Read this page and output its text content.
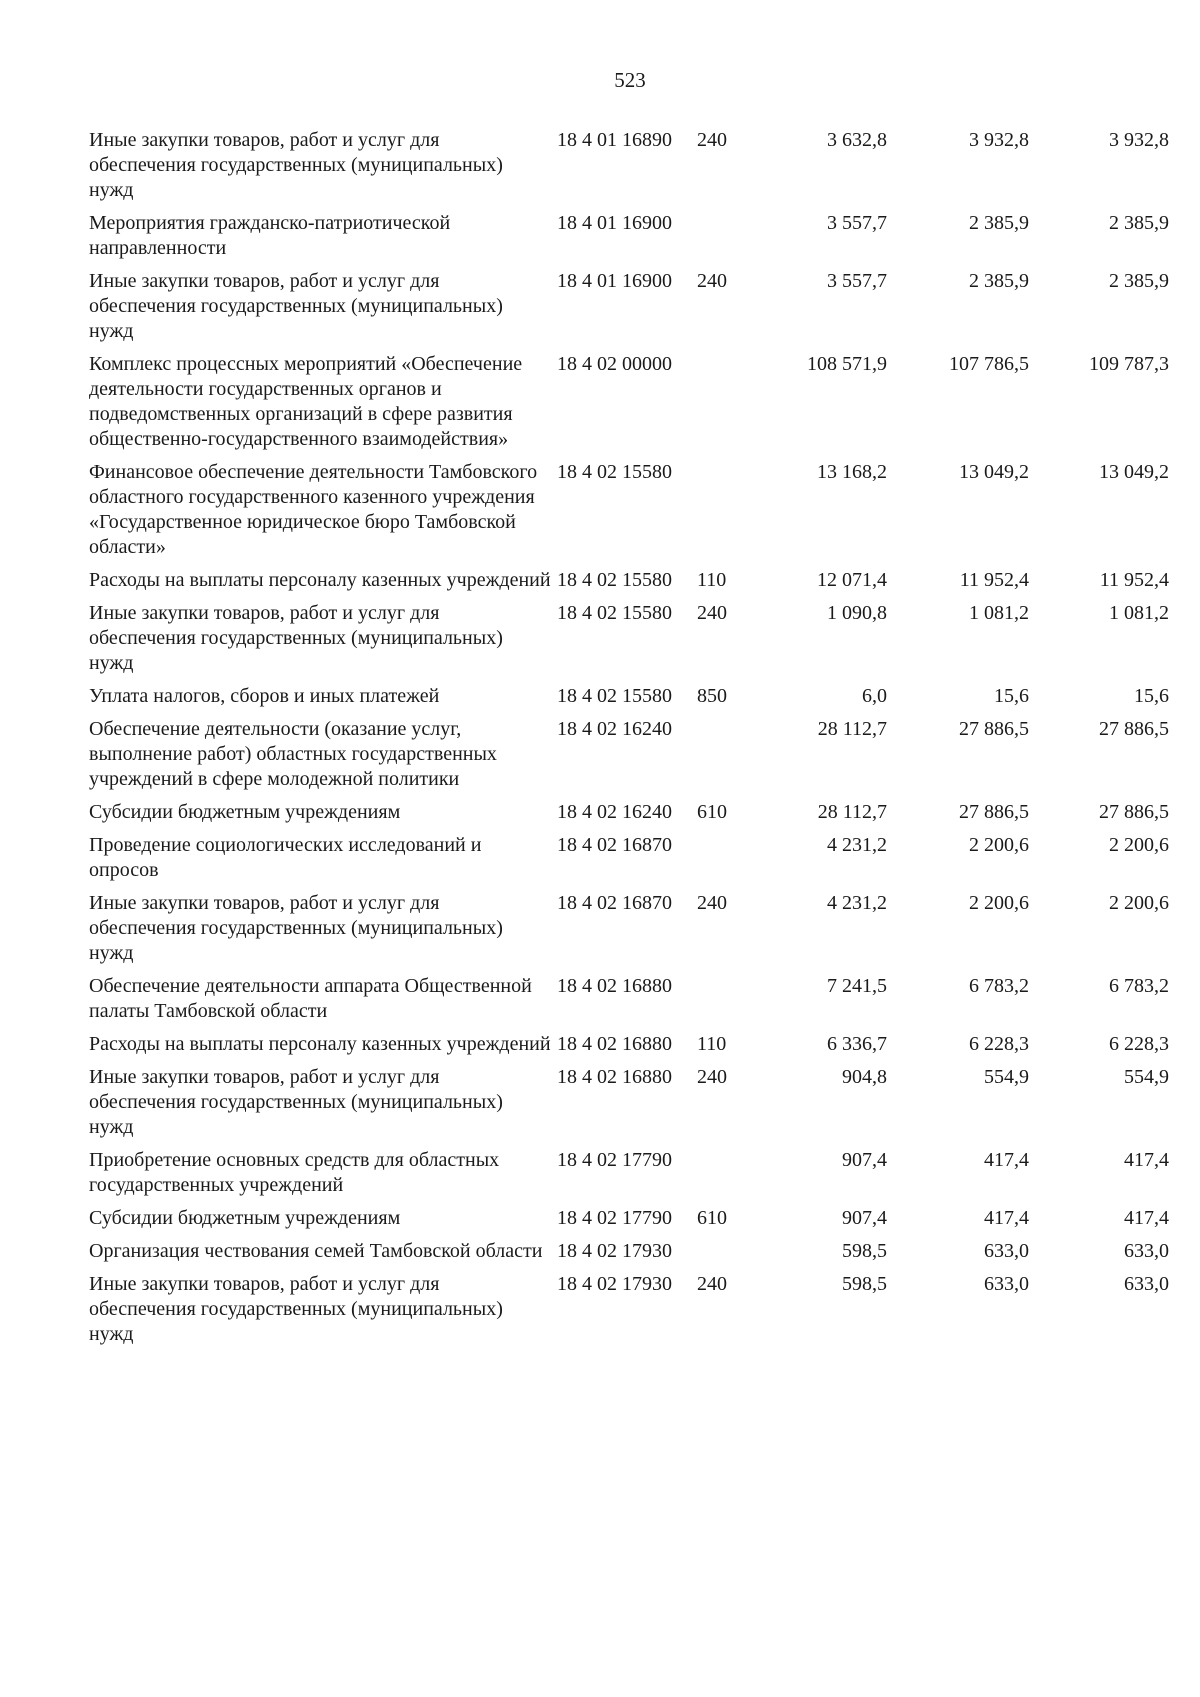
523
Иные закупки товаров, работ и услуг для обеспечения государственных (муниципальных) нужд	18 4 01 16890	240	3 632,8	3 932,8	3 932,8
Мероприятия гражданско-патриотической направленности	18 4 01 16900		3 557,7	2 385,9	2 385,9
Иные закупки товаров, работ и услуг для обеспечения государственных (муниципальных) нужд	18 4 01 16900	240	3 557,7	2 385,9	2 385,9
Комплекс процессных мероприятий «Обеспечение деятельности государственных органов и подведомственных организаций в сфере развития общественно-государственного взаимодействия»	18 4 02 00000		108 571,9	107 786,5	109 787,3
Финансовое обеспечение деятельности Тамбовского областного государственного казенного учреждения «Государственное юридическое бюро Тамбовской области»	18 4 02 15580		13 168,2	13 049,2	13 049,2
Расходы на выплаты персоналу казенных учреждений	18 4 02 15580	110	12 071,4	11 952,4	11 952,4
Иные закупки товаров, работ и услуг для обеспечения государственных (муниципальных) нужд	18 4 02 15580	240	1 090,8	1 081,2	1 081,2
Уплата налогов, сборов и иных платежей	18 4 02 15580	850	6,0	15,6	15,6
Обеспечение деятельности (оказание услуг, выполнение работ) областных государственных учреждений в сфере молодежной политики	18 4 02 16240		28 112,7	27 886,5	27 886,5
Субсидии бюджетным учреждениям	18 4 02 16240	610	28 112,7	27 886,5	27 886,5
Проведение социологических исследований и опросов	18 4 02 16870		4 231,2	2 200,6	2 200,6
Иные закупки товаров, работ и услуг для обеспечения государственных (муниципальных) нужд	18 4 02 16870	240	4 231,2	2 200,6	2 200,6
Обеспечение деятельности аппарата Общественной палаты Тамбовской области	18 4 02 16880		7 241,5	6 783,2	6 783,2
Расходы на выплаты персоналу казенных учреждений	18 4 02 16880	110	6 336,7	6 228,3	6 228,3
Иные закупки товаров, работ и услуг для обеспечения государственных (муниципальных) нужд	18 4 02 16880	240	904,8	554,9	554,9
Приобретение основных средств для областных государственных учреждений	18 4 02 17790		907,4	417,4	417,4
Субсидии бюджетным учреждениям	18 4 02 17790	610	907,4	417,4	417,4
Организация чествования семей Тамбовской области	18 4 02 17930		598,5	633,0	633,0
Иные закупки товаров, работ и услуг для обеспечения государственных (муниципальных) нужд	18 4 02 17930	240	598,5	633,0	633,0
